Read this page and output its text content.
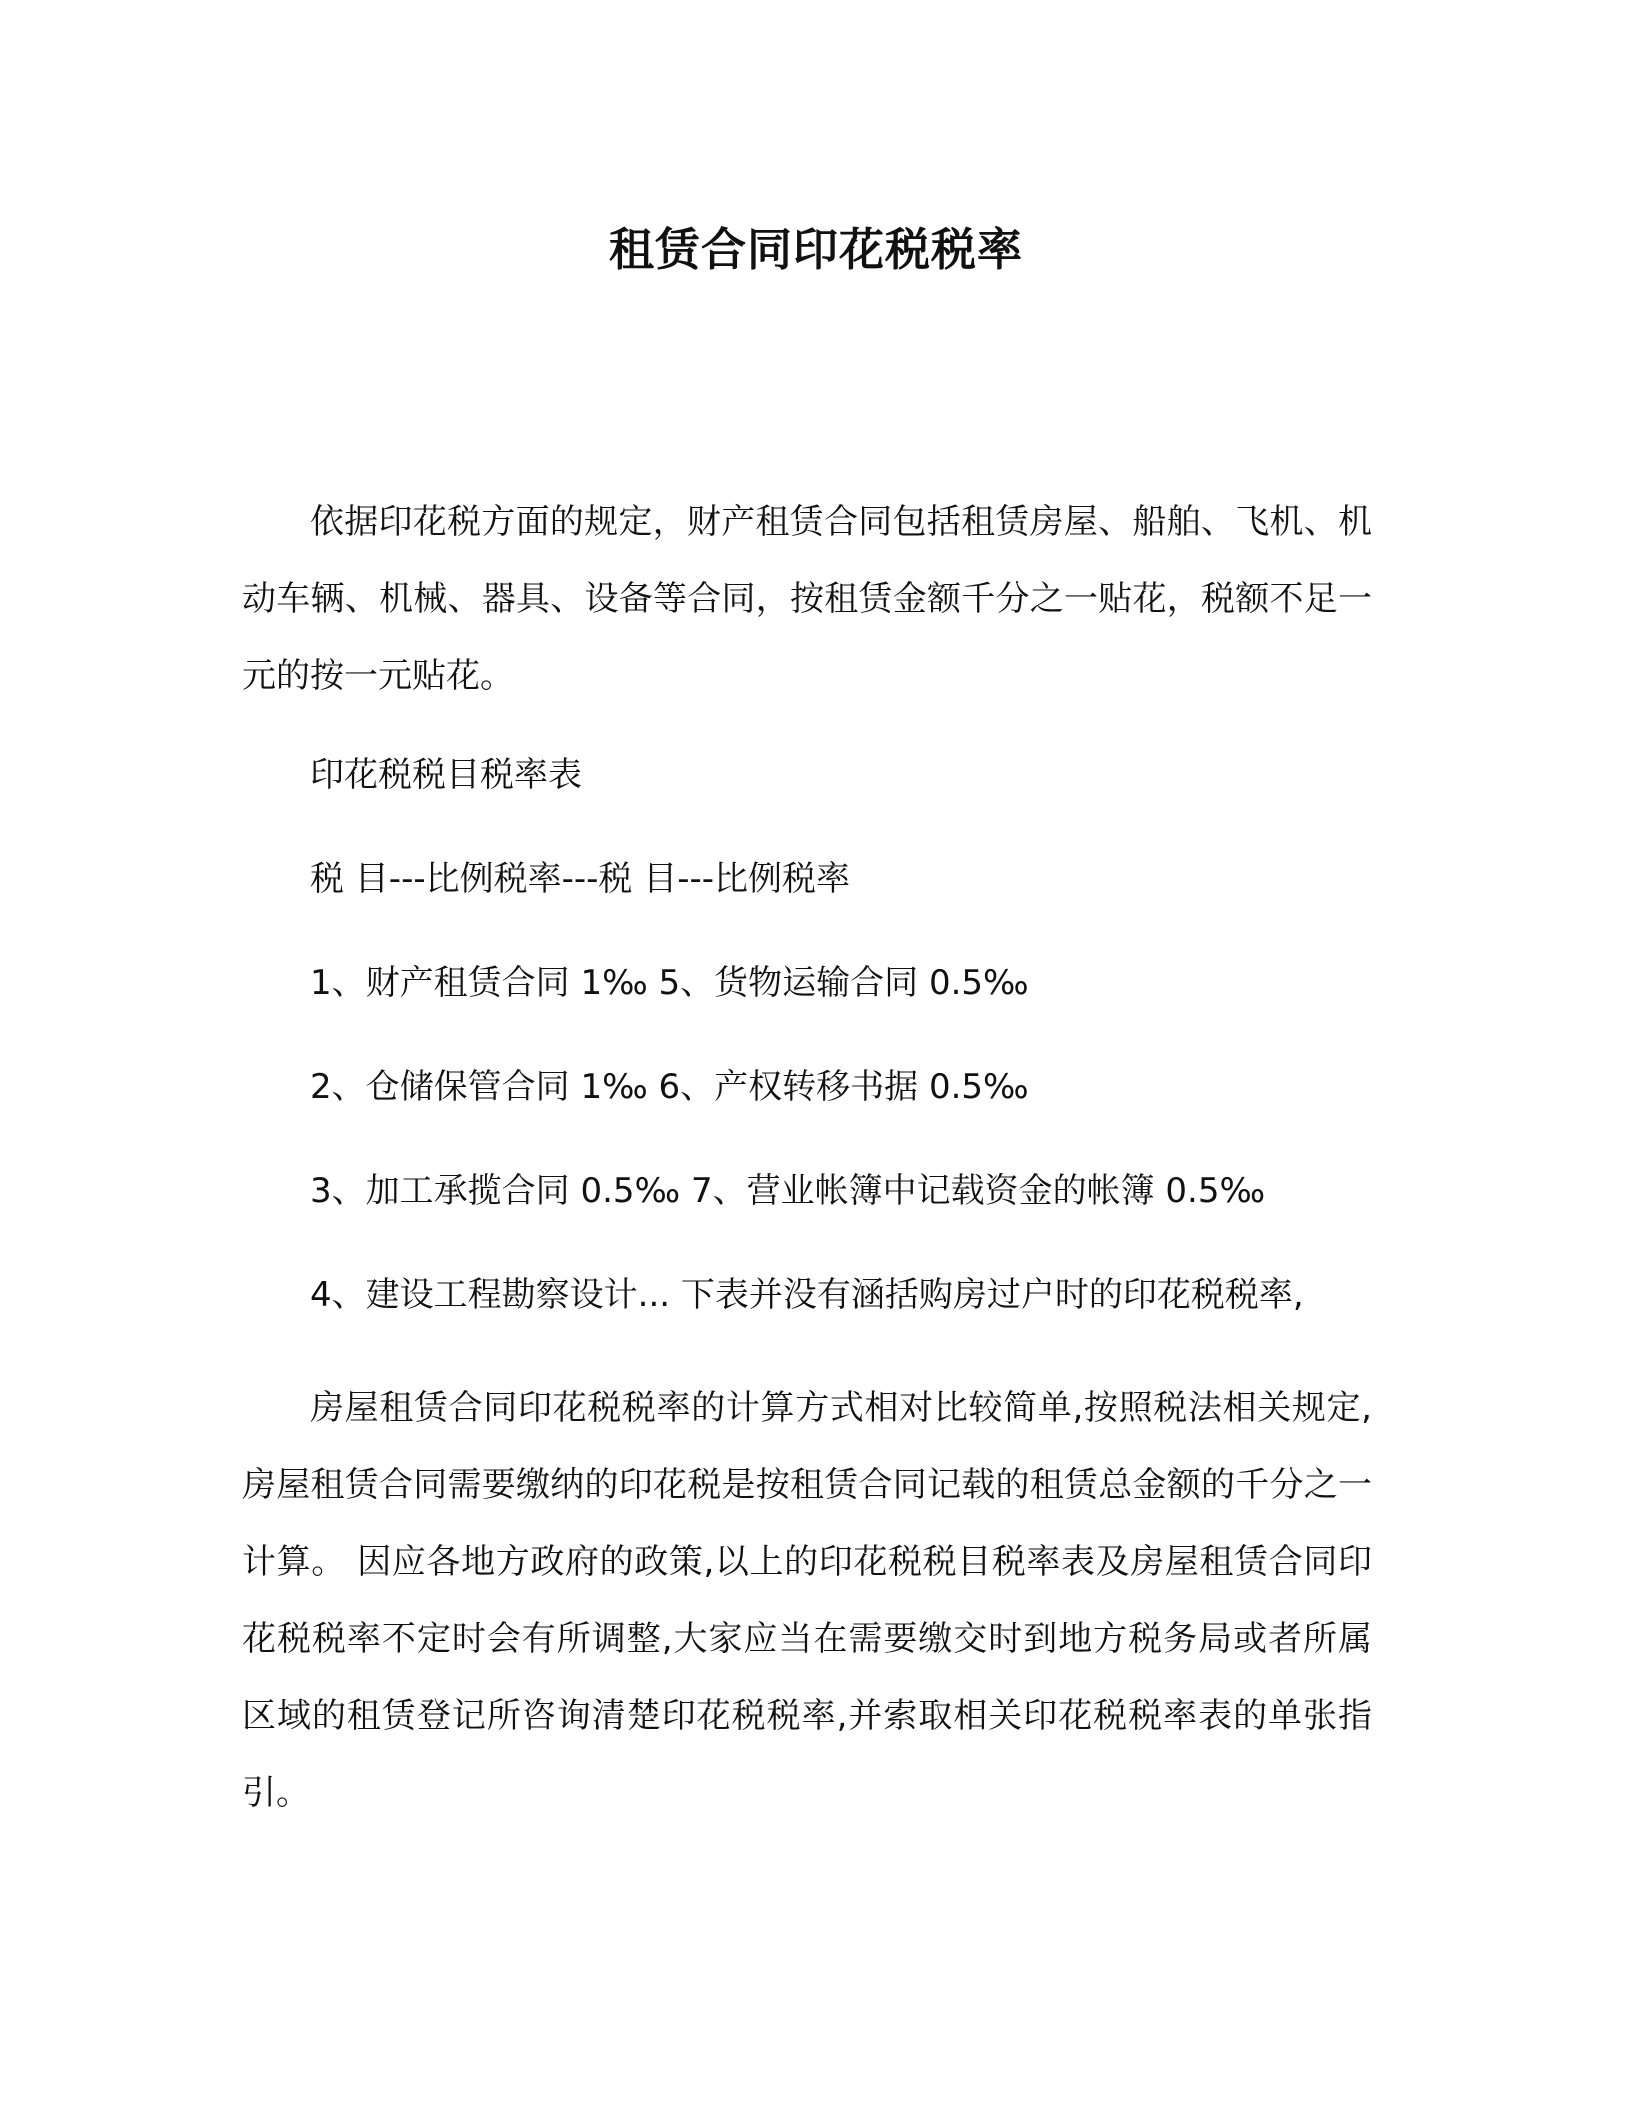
租赁合同印花税税率

依据印花税方面的规定，财产租赁合同包括租赁房屋、船舶、飞机、机动车辆、机械、器具、设备等合同，按租赁金额千分之一贴花，税额不足一元的按一元贴花。

印花税税目税率表

税 目---比例税率---税 目---比例税率

1、财产租赁合同 1‰ 5、货物运输合同 0.5‰

2、仓储保管合同 1‰ 6、产权转移书据 0.5‰

3、加工承揽合同 0.5‰ 7、营业帐簿中记载资金的帐簿 0.5‰

4、建设工程勘察设计... 下表并没有涵括购房过户时的印花税税率,

房屋租赁合同印花税税率的计算方式相对比较简单,按照税法相关规定,房屋租赁合同需要缴纳的印花税是按租赁合同记载的租赁总金额的千分之一计算。 因应各地方政府的政策,以上的印花税税目税率表及房屋租赁合同印花税税率不定时会有所调整,大家应当在需要缴交时到地方税务局或者所属区域的租赁登记所咨询清楚印花税税率,并索取相关印花税税率表的单张指引。
